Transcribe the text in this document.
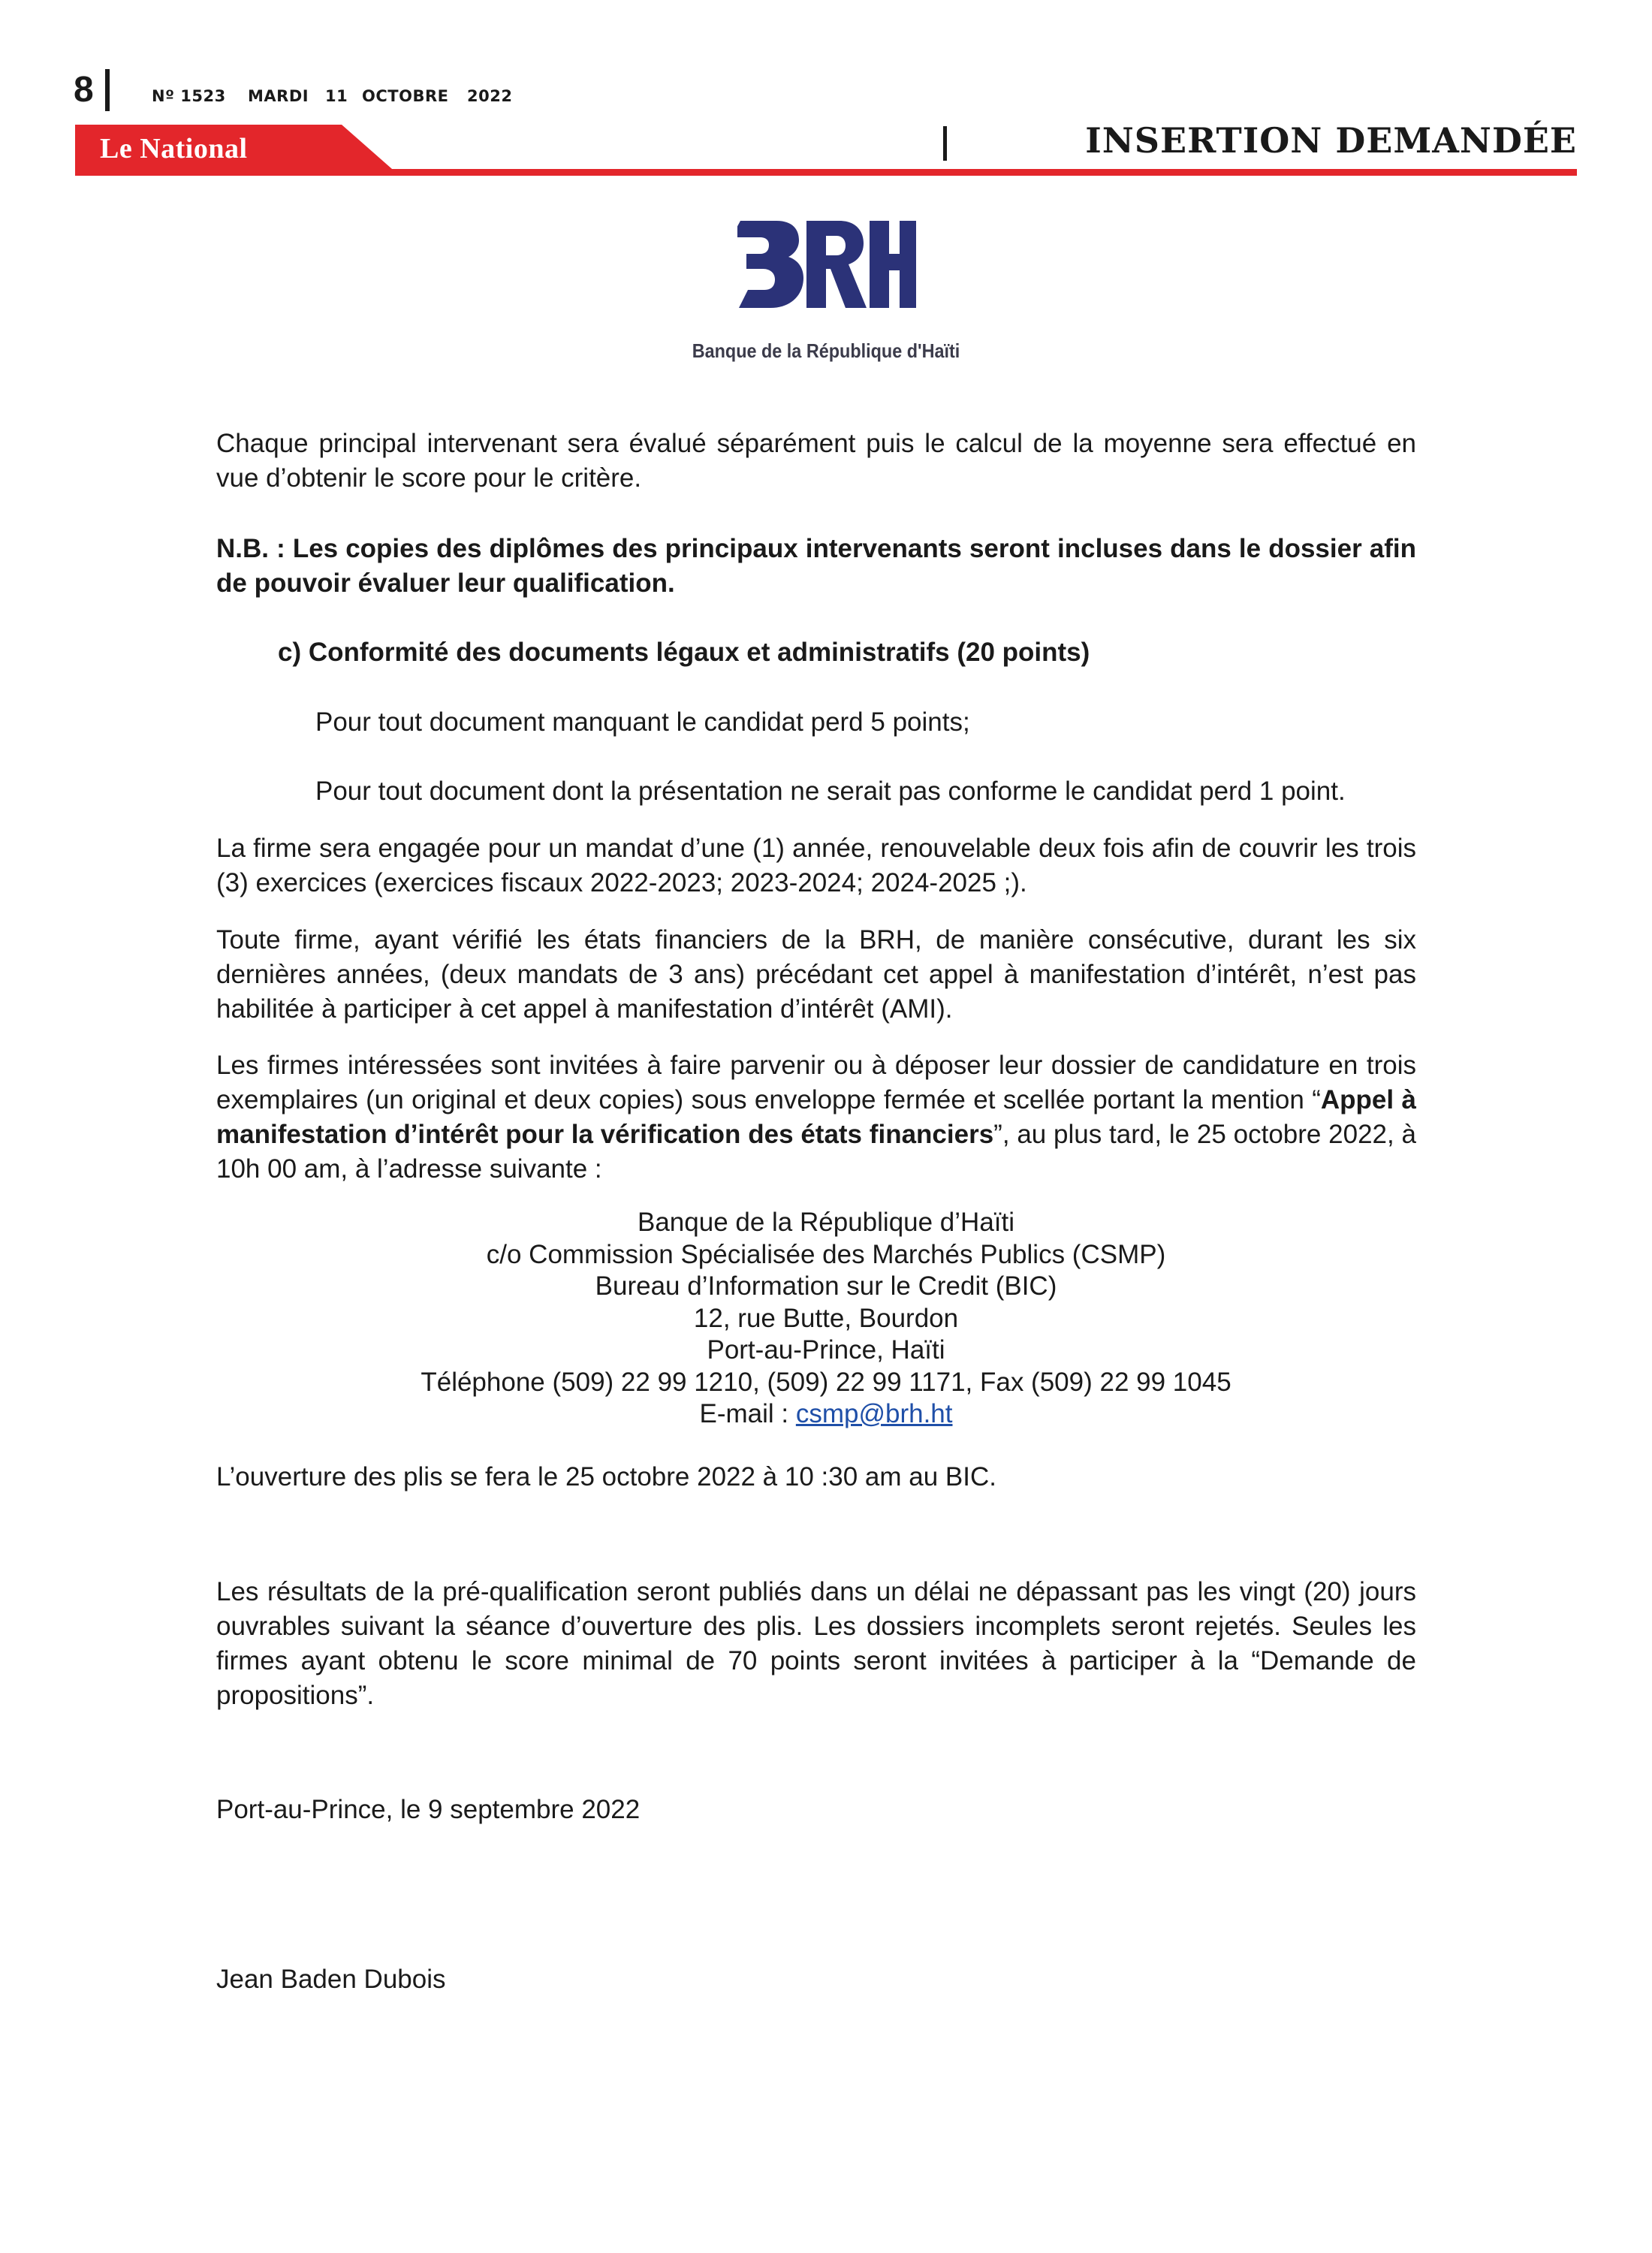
8	Nº 1523 MARDI 11 OCTOBRE 2022
Le National	INSERTION DEMANDÉE
Banque de la République d'Haïti
Chaque principal intervenant sera évalué séparément puis le calcul de la moyenne sera effectué en vue d’obtenir le score pour le critère.
N.B. : Les copies des diplômes des principaux intervenants seront incluses dans le dossier afin de pouvoir évaluer leur qualification.
c) Conformité des documents légaux et administratifs (20 points)
Pour tout document manquant le candidat perd 5 points;
Pour tout document dont la présentation ne serait pas conforme le candidat perd 1 point.
La firme sera engagée pour un mandat d’une (1) année, renouvelable deux fois afin de couvrir les trois (3) exercices (exercices fiscaux 2022-2023; 2023-2024; 2024-2025 ;).
Toute firme, ayant vérifié les états financiers de la BRH, de manière consécutive, durant les six dernières années, (deux mandats de 3 ans) précédant cet appel à manifestation d’intérêt, n’est pas habilitée à participer à cet appel à manifestation d’intérêt (AMI).
Les firmes intéressées sont invitées à faire parvenir ou à déposer leur dossier de candidature en trois exemplaires (un original et deux copies) sous enveloppe fermée et scellée portant la mention “Appel à manifestation d’intérêt pour la vérification des états financiers”, au plus tard, le 25 octobre 2022, à 10h 00 am, à l’adresse suivante :
Banque de la République d’Haïti
c/o Commission Spécialisée des Marchés Publics (CSMP)
Bureau d’Information sur le Credit (BIC)
12, rue Butte, Bourdon
Port-au-Prince, Haïti
Téléphone (509) 22 99 1210, (509) 22 99 1171, Fax (509) 22 99 1045
E-mail : csmp@brh.ht
L’ouverture des plis se fera le 25 octobre 2022 à 10 :30 am au BIC.
Les résultats de la pré-qualification seront publiés dans un délai ne dépassant pas les vingt (20) jours ouvrables suivant la séance d’ouverture des plis. Les dossiers incomplets seront rejetés. Seules les firmes ayant obtenu le score minimal de 70 points seront invitées à participer à la “Demande de propositions”.
Port-au-Prince, le 9 septembre 2022
Jean Baden Dubois
